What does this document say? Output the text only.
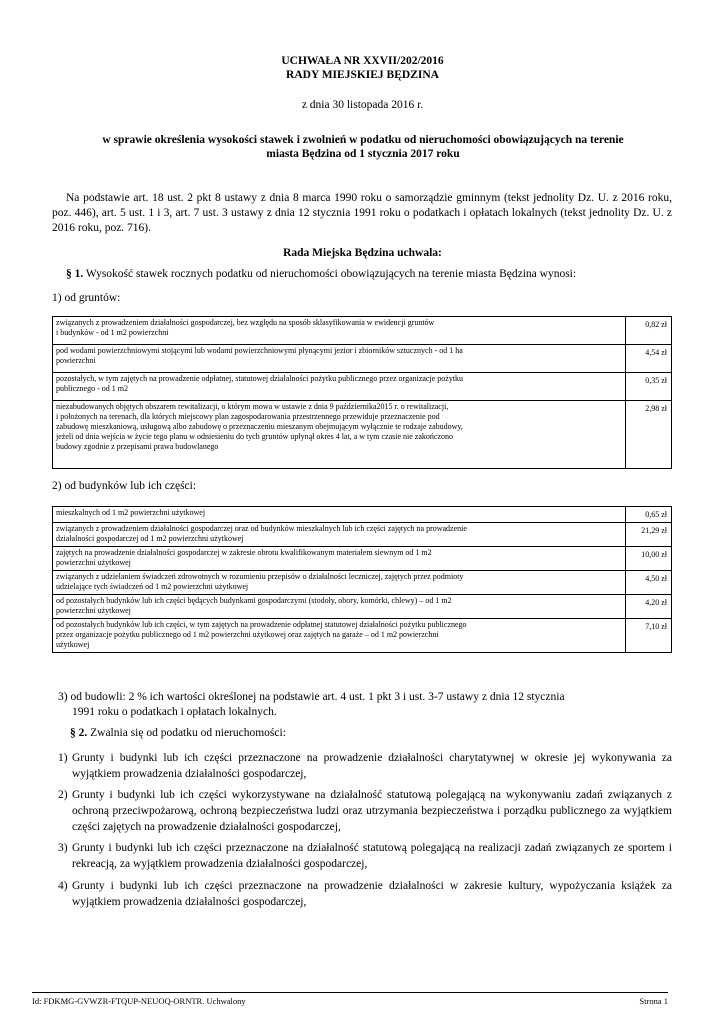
UCHWAŁA NR XXVII/202/2016
RADY MIEJSKIEJ BĘDZINA
z dnia 30 listopada 2016 r.
w sprawie określenia wysokości stawek i zwolnień w podatku od nieruchomości obowiązujących na terenie
miasta Będzina od 1 stycznia 2017 roku
Na podstawie art. 18 ust. 2 pkt 8 ustawy z dnia 8 marca 1990 roku o samorządzie gminnym (tekst jednolity Dz. U. z 2016 roku, poz. 446), art. 5 ust. 1 i 3, art. 7 ust. 3 ustawy z dnia 12 stycznia 1991 roku o podatkach i opłatach lokalnych (tekst jednolity Dz. U. z 2016 roku, poz. 716).
Rada Miejska Będzina uchwala:
§ 1. Wysokość stawek rocznych podatku od nieruchomości obowiązujących na terenie miasta Będzina wynosi:
1) od gruntów:
związanych z prowadzeniem działalności gospodarczej, bez względu na sposób sklasyfikowania w ewidencji gruntów
i budynków - od 1 m2 powierzchni	0,82 zł

pod wodami powierzchniowymi stojącymi lub wodami powierzchniowymi płynącymi jezior i zbiorników sztucznych - od 1 ha
powierzchni	4,54 zł

pozostałych, w tym zajętych na prowadzenie odpłatnej, statutowej działalności pożytku publicznego przez organizacje pożytku
publicznego - od 1 m2	0,35 zł

niezabudowanych objętych obszarem rewitalizacji, o którym mowa w ustawie z dnia 9 października2015 r. o rewitalizacji,
i położonych na terenach, dla których miejscowy plan zagospodarowania przestrzennego przewiduje przeznaczenie pod
zabudowę mieszkaniową, usługową albo zabudowę o przeznaczeniu mieszanym obejmującym wyłącznie te rodzaje zabudowy,
jeżeli od dnia wejścia w życie tego planu w odniesieniu do tych gruntów upłynął okres 4 lat, a w tym czasie nie zakończono
budowy zgodnie z przepisami prawa budowlanego	2,98 zł
2) od budynków lub ich części:
mieszkalnych od 1 m2 powierzchni użytkowej	0,65 zł

związanych z prowadzeniem działalności gospodarczej oraz od budynków mieszkalnych lub ich części zajętych na prowadzenie
działalności gospodarczej od 1 m2 powierzchni użytkowej	21,29 zł

zajętych na prowadzenie działalności gospodarczej w zakresie obrotu kwalifikowanym materiałem siewnym od 1 m2
powierzchni użytkowej	10,00 zł

związanych z udzielaniem świadczeń zdrowotnych w rozumieniu przepisów o działalności leczniczej, zajętych przez podmioty
udzielające tych świadczeń od 1 m2 powierzchni użytkowej	4,50 zł

od pozostałych budynków lub ich części będących budynkami gospodarczymi (stodoły, obory, komórki, chlewy) – od 1 m2
powierzchni użytkowej	4,20 zł

od pozostałych budynków lub ich części, w tym zajętych na prowadzenie odpłatnej statutowej działalności pożytku publicznego
przez organizacje pożytku publicznego od 1 m2 powierzchni użytkowej oraz zajętych na garaże – od 1 m2 powierzchni
użytkowej	7,10 zł
3) od budowli: 2 % ich wartości określonej na podstawie art. 4 ust. 1 pkt 3 i ust. 3-7 ustawy z dnia 12 stycznia
1991 roku o podatkach i opłatach lokalnych.
§ 2. Zwalnia się od podatku od nieruchomości:
1) Grunty i budynki lub ich części przeznaczone na prowadzenie działalności charytatywnej w okresie jej wykonywania za wyjątkiem prowadzenia działalności gospodarczej,
2) Grunty i budynki lub ich części wykorzystywane na działalność statutową polegającą na wykonywaniu zadań związanych z ochroną przeciwpożarową, ochroną bezpieczeństwa ludzi oraz utrzymania bezpieczeństwa i porządku publicznego za wyjątkiem części zajętych na prowadzenie działalności gospodarczej,
3) Grunty i budynki lub ich części przeznaczone na działalność statutową polegającą na realizacji zadań związanych ze sportem i rekreacją, za wyjątkiem prowadzenia działalności gospodarczej,
4) Grunty i budynki lub ich części przeznaczone na prowadzenie działalności w zakresie kultury, wypożyczania książek za wyjątkiem prowadzenia działalności gospodarczej,
Id: FDKMG-GVWZR-FTQUP-NEUOQ-ORNTR. Uchwalony	Strona 1
